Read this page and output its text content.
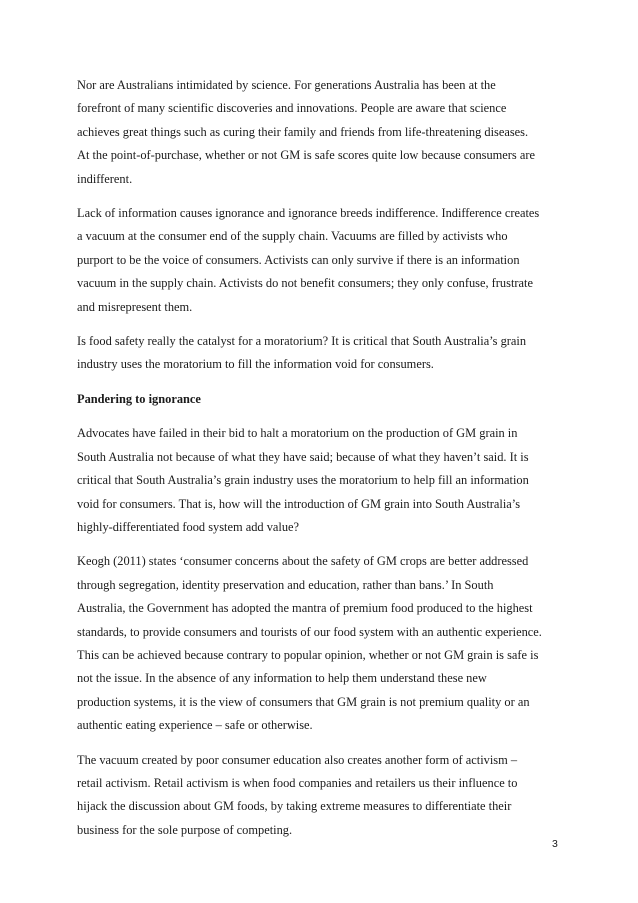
Nor are Australians intimidated by science. For generations Australia has been at the
forefront of many scientific discoveries and innovations. People are aware that science
achieves great things such as curing their family and friends from life-threatening diseases.
At the point-of-purchase, whether or not GM is safe scores quite low because consumers are
indifferent.

Lack of information causes ignorance and ignorance breeds indifference. Indifference creates
a vacuum at the consumer end of the supply chain. Vacuums are filled by activists who
purport to be the voice of consumers. Activists can only survive if there is an information
vacuum in the supply chain. Activists do not benefit consumers; they only confuse, frustrate
and misrepresent them.

Is food safety really the catalyst for a moratorium? It is critical that South Australia’s grain
industry uses the moratorium to fill the information void for consumers.

Pandering to ignorance

Advocates have failed in their bid to halt a moratorium on the production of GM grain in
South Australia not because of what they have said; because of what they haven’t said. It is
critical that South Australia’s grain industry uses the moratorium to help fill an information
void for consumers. That is, how will the introduction of GM grain into South Australia’s
highly-differentiated food system add value?

Keogh (2011) states ‘consumer concerns about the safety of GM crops are better addressed
through segregation, identity preservation and education, rather than bans.’ In South
Australia, the Government has adopted the mantra of premium food produced to the highest
standards, to provide consumers and tourists of our food system with an authentic experience.
This can be achieved because contrary to popular opinion, whether or not GM grain is safe is
not the issue. In the absence of any information to help them understand these new
production systems, it is the view of consumers that GM grain is not premium quality or an
authentic eating experience – safe or otherwise.

The vacuum created by poor consumer education also creates another form of activism –
retail activism. Retail activism is when food companies and retailers us their influence to
hijack the discussion about GM foods, by taking extreme measures to differentiate their
business for the sole purpose of competing.

3
